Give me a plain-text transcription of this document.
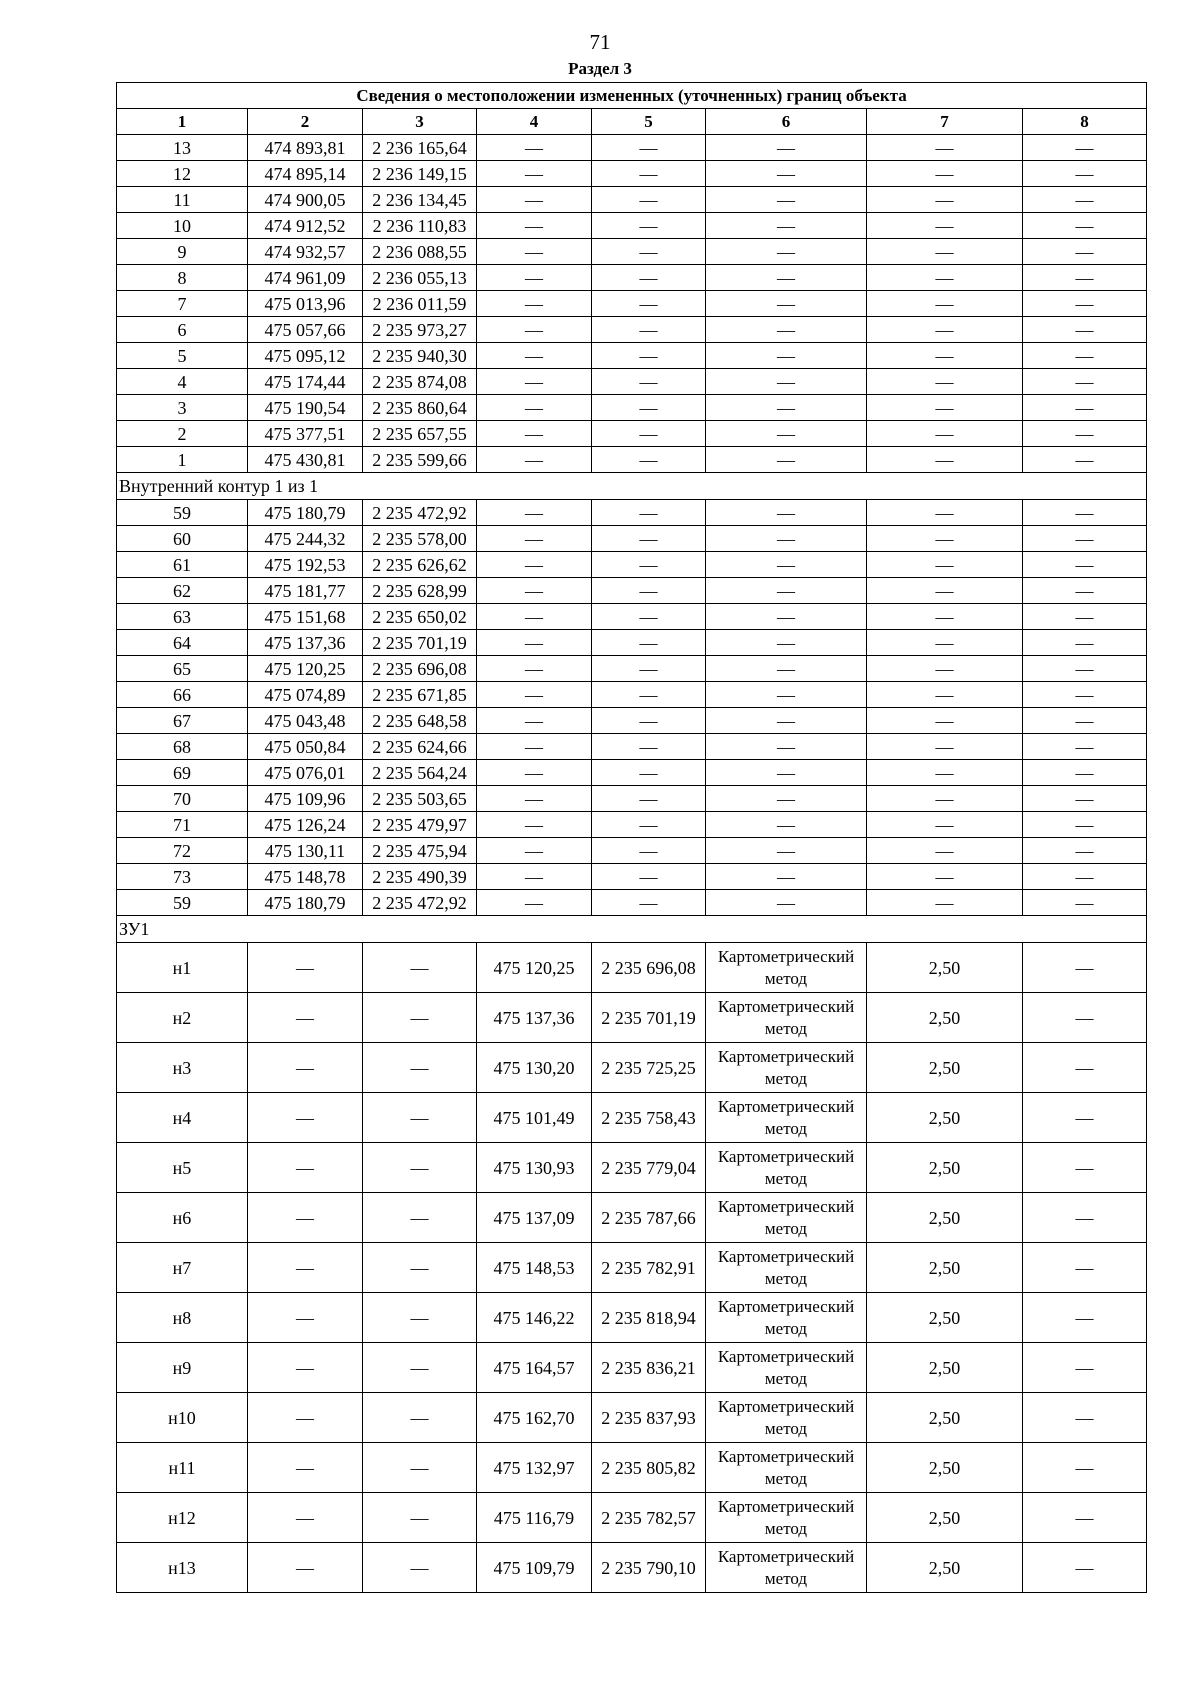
71
Раздел 3
Сведения о местоположении измененных (уточненных) границ объекта							
1	2	3	4	5	6	7	8
13	474 893,81	2 236 165,64	—	—	—	—	—
12	474 895,14	2 236 149,15	—	—	—	—	—
11	474 900,05	2 236 134,45	—	—	—	—	—
10	474 912,52	2 236 110,83	—	—	—	—	—
9	474 932,57	2 236 088,55	—	—	—	—	—
8	474 961,09	2 236 055,13	—	—	—	—	—
7	475 013,96	2 236 011,59	—	—	—	—	—
6	475 057,66	2 235 973,27	—	—	—	—	—
5	475 095,12	2 235 940,30	—	—	—	—	—
4	475 174,44	2 235 874,08	—	—	—	—	—
3	475 190,54	2 235 860,64	—	—	—	—	—
2	475 377,51	2 235 657,55	—	—	—	—	—
1	475 430,81	2 235 599,66	—	—	—	—	—
Внутренний контур 1 из 1							
59	475 180,79	2 235 472,92	—	—	—	—	—
60	475 244,32	2 235 578,00	—	—	—	—	—
61	475 192,53	2 235 626,62	—	—	—	—	—
62	475 181,77	2 235 628,99	—	—	—	—	—
63	475 151,68	2 235 650,02	—	—	—	—	—
64	475 137,36	2 235 701,19	—	—	—	—	—
65	475 120,25	2 235 696,08	—	—	—	—	—
66	475 074,89	2 235 671,85	—	—	—	—	—
67	475 043,48	2 235 648,58	—	—	—	—	—
68	475 050,84	2 235 624,66	—	—	—	—	—
69	475 076,01	2 235 564,24	—	—	—	—	—
70	475 109,96	2 235 503,65	—	—	—	—	—
71	475 126,24	2 235 479,97	—	—	—	—	—
72	475 130,11	2 235 475,94	—	—	—	—	—
73	475 148,78	2 235 490,39	—	—	—	—	—
59	475 180,79	2 235 472,92	—	—	—	—	—
ЗУ1							
н1	—	—	475 120,25	2 235 696,08	Картометрический метод	2,50	—
н2	—	—	475 137,36	2 235 701,19	Картометрический метод	2,50	—
н3	—	—	475 130,20	2 235 725,25	Картометрический метод	2,50	—
н4	—	—	475 101,49	2 235 758,43	Картометрический метод	2,50	—
н5	—	—	475 130,93	2 235 779,04	Картометрический метод	2,50	—
н6	—	—	475 137,09	2 235 787,66	Картометрический метод	2,50	—
н7	—	—	475 148,53	2 235 782,91	Картометрический метод	2,50	—
н8	—	—	475 146,22	2 235 818,94	Картометрический метод	2,50	—
н9	—	—	475 164,57	2 235 836,21	Картометрический метод	2,50	—
н10	—	—	475 162,70	2 235 837,93	Картометрический метод	2,50	—
н11	—	—	475 132,97	2 235 805,82	Картометрический метод	2,50	—
н12	—	—	475 116,79	2 235 782,57	Картометрический метод	2,50	—
н13	—	—	475 109,79	2 235 790,10	Картометрический метод	2,50	—
